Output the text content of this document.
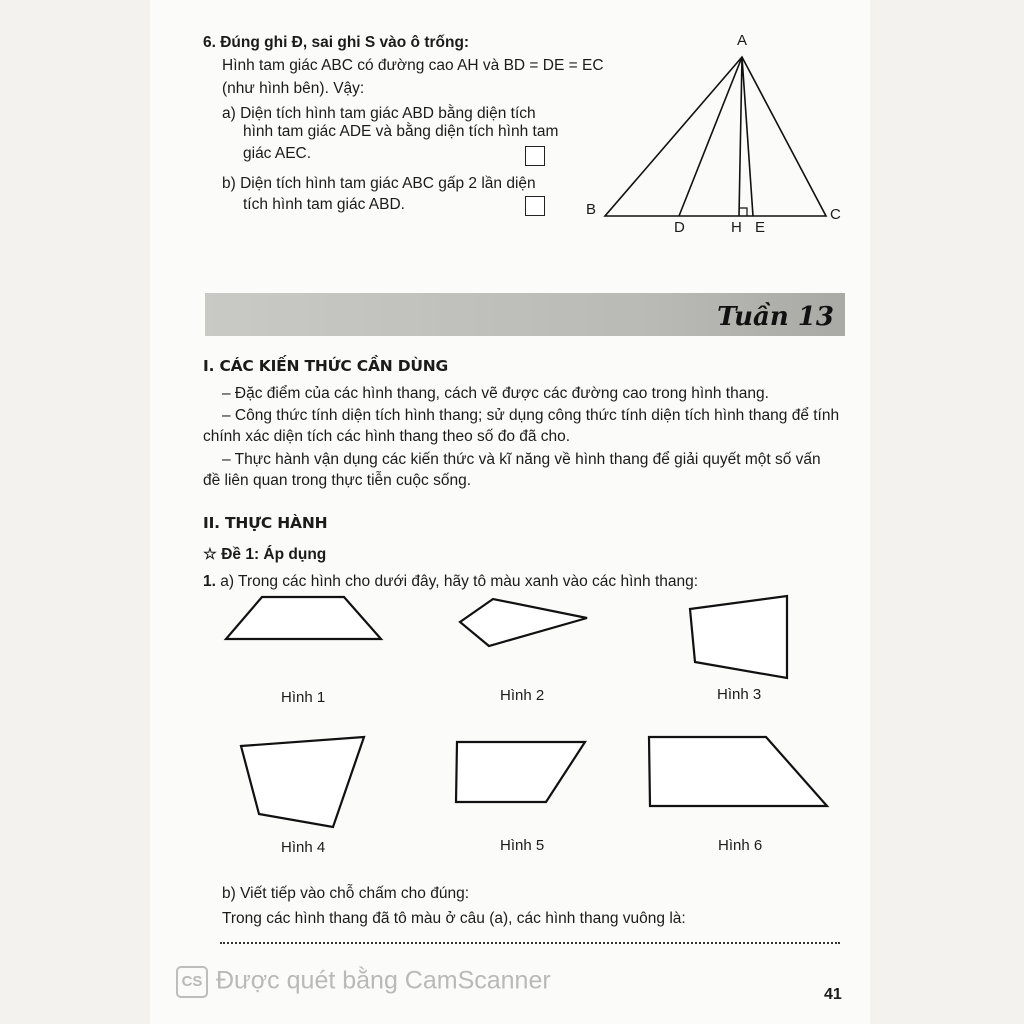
6. Đúng ghi Đ, sai ghi S vào ô trống:
Hình tam giác ABC có đường cao AH và BD = DE = EC
(như hình bên). Vậy:
a) Diện tích hình tam giác ABD bằng diện tích
hình tam giác ADE và bằng diện tích hình tam
giác AEC.
b) Diện tích hình tam giác ABC gấp 2 lần diện
tích hình tam giác ABD.
A
B	C
D	H E
Tuần 13
I. CÁC KIẾN THỨC CẦN DÙNG
– Đặc điểm của các hình thang, cách vẽ được các đường cao trong hình thang.
– Công thức tính diện tích hình thang; sử dụng công thức tính diện tích hình thang để tính
chính xác diện tích các hình thang theo số đo đã cho.
– Thực hành vận dụng các kiến thức và kĩ năng về hình thang để giải quyết một số vấn
đề liên quan trong thực tiễn cuộc sống.
II. THỰC HÀNH
☆ Đề 1: Áp dụng
1. a) Trong các hình cho dưới đây, hãy tô màu xanh vào các hình thang:
Hình 1	Hình 2	Hình 3
Hình 4	Hình 5	Hình 6
b) Viết tiếp vào chỗ chấm cho đúng:
Trong các hình thang đã tô màu ở câu (a), các hình thang vuông là:
CS Được quét bằng CamScanner	41
